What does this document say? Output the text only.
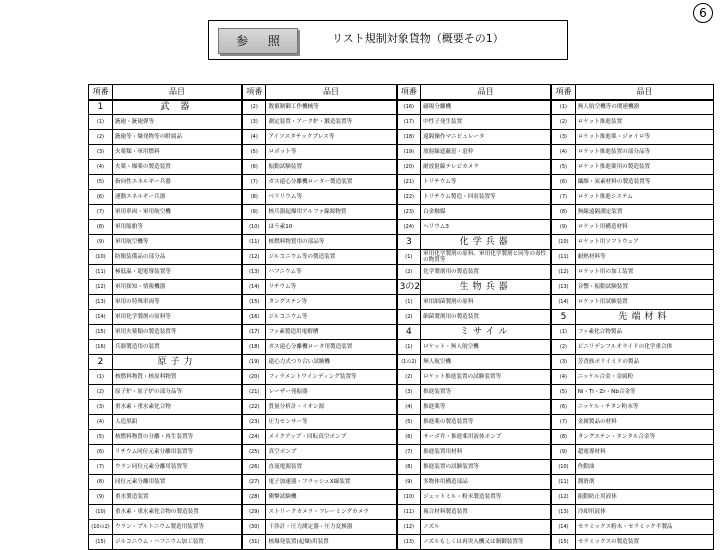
6
参 照	リスト規制対象貨物（概要その1）
項番	品目	項番	品目	項番	品目	項番	品目
1	武 器	(2)	数値制御工作機械等	(16)	磁場分離機	(1)	無人航空機等の関連機器
(1)	銃砲・銃砲弾等	(3)	測定装置・アーク炉・鍛造装置等	(17)	中性子発生装置	(2)	ロケット推進装置
(2)	銃砲等・爆発物等の附属品	(4)	アイソスタチックプレス等	(18)	遠隔操作マニピュレータ	(3)	ロケット推進薬・ジャイロ等
(3)	火薬類・軍用燃料	(5)	ロボット等	(19)	放射線遮蔽窓・窓枠	(4)	ロケット推進装置の部分品等
(4)	火薬・爆薬の製造装置	(6)	振動試験装置	(20)	耐放射線テレビカメラ	(5)	ロケット推進薬用の製造装置
(5)	指向性エネルギー兵器	(7)	ガス遠心分離機ローター製造装置	(21)	トリチウム等	(6)	繊維・炭素材料の製造装置等
(6)	運動エネルギー兵器	(8)	ベリリウム等	(22)	トリチウム製造・回収装置等	(7)	ロケット推進システム
(7)	軍用車両・軍用航空機	(9)	核兵器起爆用アルファ線源物質	(23)	白金触媒	(8)	無線遠隔測定装置
(8)	軍用船舶等	(10)	ほう素10	(24)	ヘリウム3	(9)	ロケット用構造材料
(9)	軍用航空機等	(11)	核燃料物質用の部品等	3	化学兵器	(10)	ロケット用ソフトウェア
(10)	防衛装備品の部分品	(12)	ジルコニウム等の製造装置	(1)	軍用化学製剤の原料、軍用化学製剤と同等の毒性の物質等	(11)	耐熱材料等
(11)	極低温・超電導装置等	(13)	ハフニウム等	(2)	化学製剤用の製造装置	(12)	ロケット用の加工装置
(12)	軍用探知・情報機器	(14)	リチウム等	3の2	生物兵器	(13)	音響・振動試験装置
(13)	軍用の特殊車両等	(15)	タングステン等	(1)	軍用細菌製剤の原料	(14)	ロケット用試験装置
(14)	軍用化学製剤の原料等	(16)	ジルコニウム等	(2)	細菌製剤用の製造装置	5	先端材料
(15)	軍用火薬類の製造装置等	(17)	フッ素製造用電解槽	4	ミサイル	(1)	フッ素化合物製品
(16)	兵器製造用の装置	(18)	ガス遠心分離機ロータ用製造装置	(1)	ロケット・無人航空機	(2)	ビニリデンフルオライドの化学重合体
2	原子力	(19)	遠心力式つり合い試験機	(1の2)	無人航空機	(3)	芳香族ポリイミドの製品
(1)	核燃料物質・核原料物質	(20)	フィラメントワインディング装置等	(2)	ロケット推進装置の試験装置等	(4)	ニッケル合金・金属粉
(2)	原子炉・原子炉の部分品等	(21)	レーザー発振器	(3)	推進装置等	(5)	Ni・Ti・Zr・Nb合金等
(3)	重水素・重水素化合物	(22)	質量分析計・イオン源	(4)	推進薬等	(6)	ニッケル・チタン粉末等
(4)	人造黒鉛	(23)	圧力センサー等	(5)	推進薬の製造装置等	(7)	金属製品の材料
(5)	核燃料物質の分離・再生装置等	(24)	メイクアップ・回転真空ポンプ	(6)	サーボ弁・推進薬用液体ポンプ	(8)	タングステン・タンタル合金等
(6)	リチウム同位元素分離用装置等	(25)	真空ポンプ	(7)	推進装置用材料	(9)	超電導材料
(7)	ウラン同位元素分離用装置等	(26)	直流電源装置	(8)	推進装置の試験装置等	(10)	作動油
(8)	同位元素分離用装置	(27)	電子加速器・フラッシュX線装置	(9)	多物体用構造部品	(11)	潤滑剤
(9)	重水製造装置	(28)	衝撃試験機	(10)	ジェットミル・粉末製造装置等	(12)	振動防止用液体
(10)	重水素・重水素化合物の製造装置	(29)	ストリークカメラ・フレーミングカメラ	(11)	複合材料製造装置	(13)	冷却用液体
(10の2)	ウラン・プルトニウム製造用装置等	(30)	干渉計・圧力測定器・圧力変換器	(12)	ノズル	(14)	セラミックス粉末・セラミック半製品
(15)	ジルコニウム・ハフニウム加工装置	(31)	核爆発装置(起爆)用装置	(13)	ノズルもしくは再突入機又は制御装置等	(15)	セラミックスの製造装置
